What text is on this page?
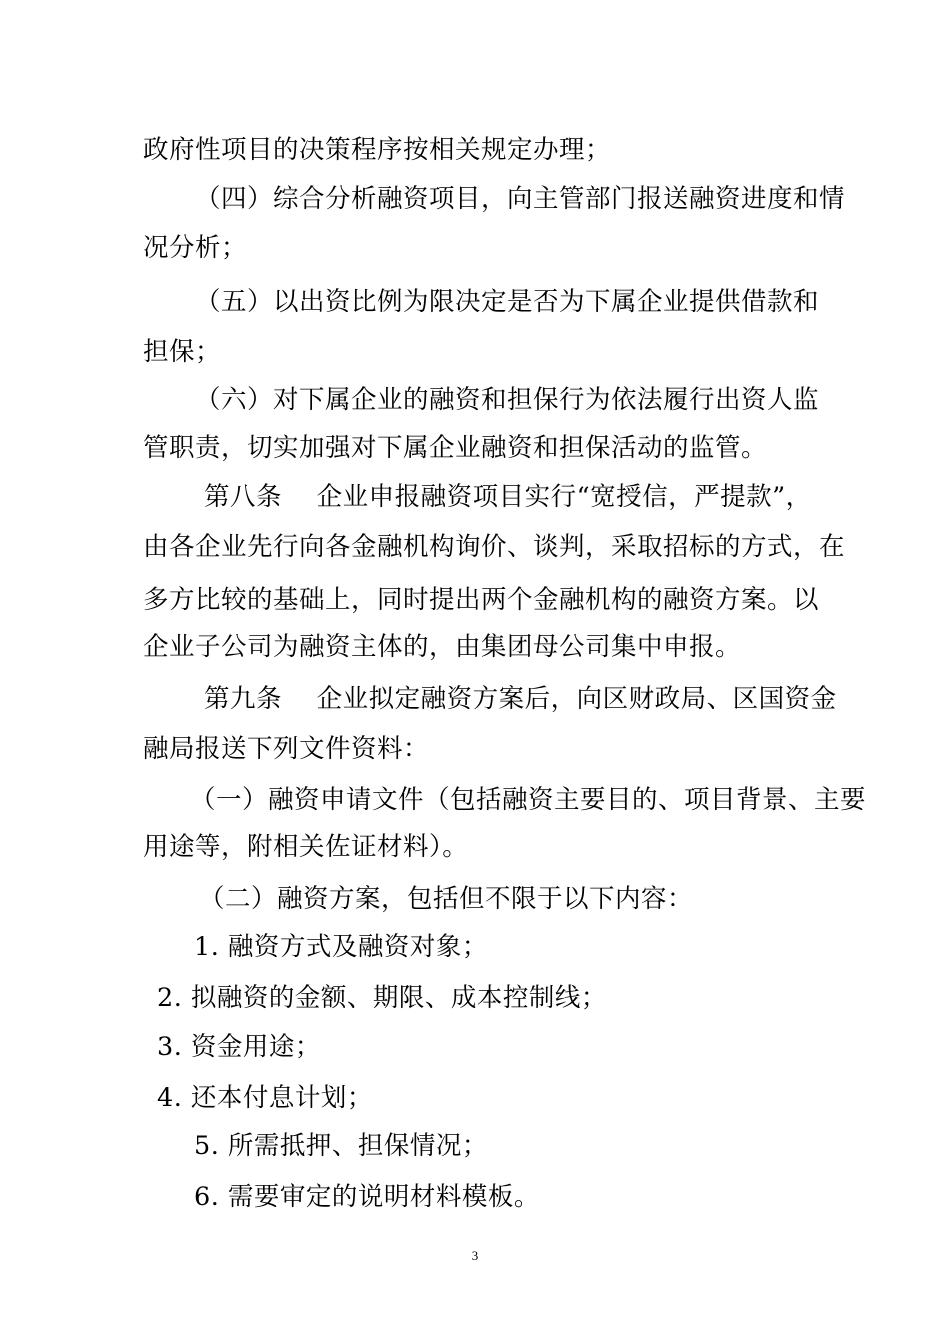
政府性项目的决策程序按相关规定办理；
（四）综合分析融资项目，向主管部门报送融资进度和情
况分析；
（五）以出资比例为限决定是否为下属企业提供借款和
担保；
（六）对下属企业的融资和担保行为依法履行出资人监
管职责，切实加强对下属企业融资和担保活动的监管。
第八条　 企业申报融资项目实行“宽授信，严提款”，
由各企业先行向各金融机构询价、谈判，采取招标的方式，在
多方比较的基础上，同时提出两个金融机构的融资方案。以
企业子公司为融资主体的，由集团母公司集中申报。
第九条　 企业拟定融资方案后，向区财政局、区国资金
融局报送下列文件资料：
（一）融资申请文件（包括融资主要目的、项目背景、主要
用途等，附相关佐证材料）。
（二）融资方案，包括但不限于以下内容：
1. 融资方式及融资对象；
2. 拟融资的金额、期限、成本控制线；
3. 资金用途；
4. 还本付息计划；
5. 所需抵押、担保情况；
6. 需要审定的说明材料模板。
3
